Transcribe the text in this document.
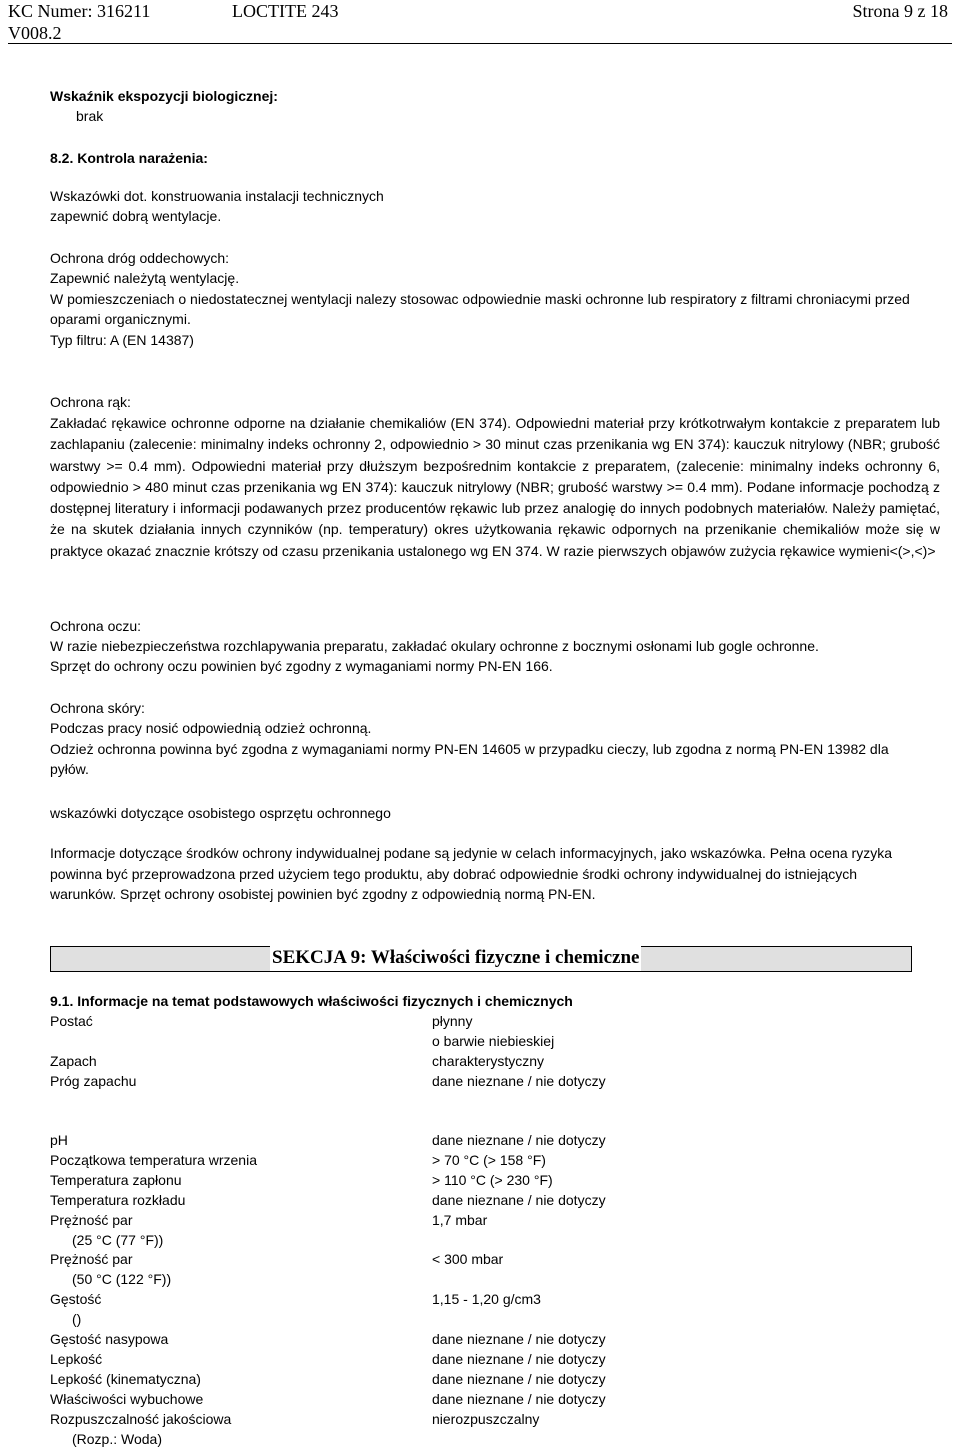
KC Numer: 316211
V008.2
LOCTITE 243	Strona 9 z 18
Wskaźnik ekspozycji biologicznej:
brak
8.2. Kontrola narażenia:
Wskazówki dot. konstruowania instalacji technicznych
zapewnić dobrą wentylacje.
Ochrona dróg oddechowych:
Zapewnić należytą wentylację.
W pomieszczeniach o niedostatecznej wentylacji nalezy stosowac odpowiednie maski ochronne lub respiratory z filtrami chroniacymi przed oparami organicznymi.
Typ filtru: A (EN 14387)
Ochrona rąk:
Zakładać rękawice ochronne odporne na działanie chemikaliów (EN 374). Odpowiedni materiał przy krótkotrwałym kontakcie z preparatem lub zachlapaniu (zalecenie: minimalny indeks ochronny 2, odpowiednio > 30 minut czas przenikania wg EN 374): kauczuk nitrylowy (NBR; grubość warstwy >= 0.4 mm). Odpowiedni materiał przy dłuższym bezpośrednim kontakcie z preparatem, (zalecenie: minimalny indeks ochronny 6, odpowiednio > 480 minut czas przenikania wg EN 374): kauczuk nitrylowy (NBR; grubość warstwy >= 0.4 mm). Podane informacje pochodzą z dostępnej literatury i informacji podawanych przez producentów rękawic lub przez analogię do innych podobnych materiałów. Należy pamiętać, że na skutek działania innych czynników (np. temperatury) okres użytkowania rękawic odpornych na przenikanie chemikaliów może się w praktyce okazać znacznie krótszy od czasu przenikania ustalonego wg EN 374. W razie pierwszych objawów zużycia rękawice wymieni<(>,<)>
Ochrona oczu:
W razie niebezpieczeństwa rozchlapywania preparatu, zakładać okulary ochronne z bocznymi osłonami lub gogle ochronne.
Sprzęt do ochrony oczu powinien być zgodny z wymaganiami normy PN-EN 166.
Ochrona skóry:
Podczas pracy nosić odpowiednią odzież ochronną.
Odzież ochronna powinna być zgodna z wymaganiami normy PN-EN 14605 w przypadku cieczy, lub zgodna z normą PN-EN 13982 dla pyłów.
wskazówki dotyczące osobistego osprzętu ochronnego
Informacje dotyczące środków ochrony indywidualnej podane są jedynie w celach informacyjnych, jako wskazówka. Pełna ocena ryzyka powinna być przeprowadzona przed użyciem tego produktu, aby dobrać odpowiednie środki ochrony indywidualnej do istniejących warunków. Sprzęt ochrony osobistej powinien być zgodny z odpowiednią normą PN-EN.
SEKCJA 9: Właściwości fizyczne i chemiczne
9.1. Informacje na temat podstawowych właściwości fizycznych i chemicznych
Postać	płynny
o barwie niebieskiej
Zapach	charakterystyczny
Próg zapachu	dane nieznane / nie dotyczy
pH	dane nieznane / nie dotyczy
Początkowa temperatura wrzenia	> 70 °C (> 158 °F)
Temperatura zapłonu	> 110 °C (> 230 °F)
Temperatura rozkładu	dane nieznane / nie dotyczy
Prężność par	1,7 mbar
(25 °C (77 °F))
Prężność par	< 300 mbar
(50 °C (122 °F))
Gęstość	1,15 - 1,20 g/cm3
()
Gęstość nasypowa	dane nieznane / nie dotyczy
Lepkość	dane nieznane / nie dotyczy
Lepkość (kinematyczna)	dane nieznane / nie dotyczy
Właściwości wybuchowe	dane nieznane / nie dotyczy
Rozpuszczalność jakościowa	nierozpuszczalny
(Rozp.: Woda)
